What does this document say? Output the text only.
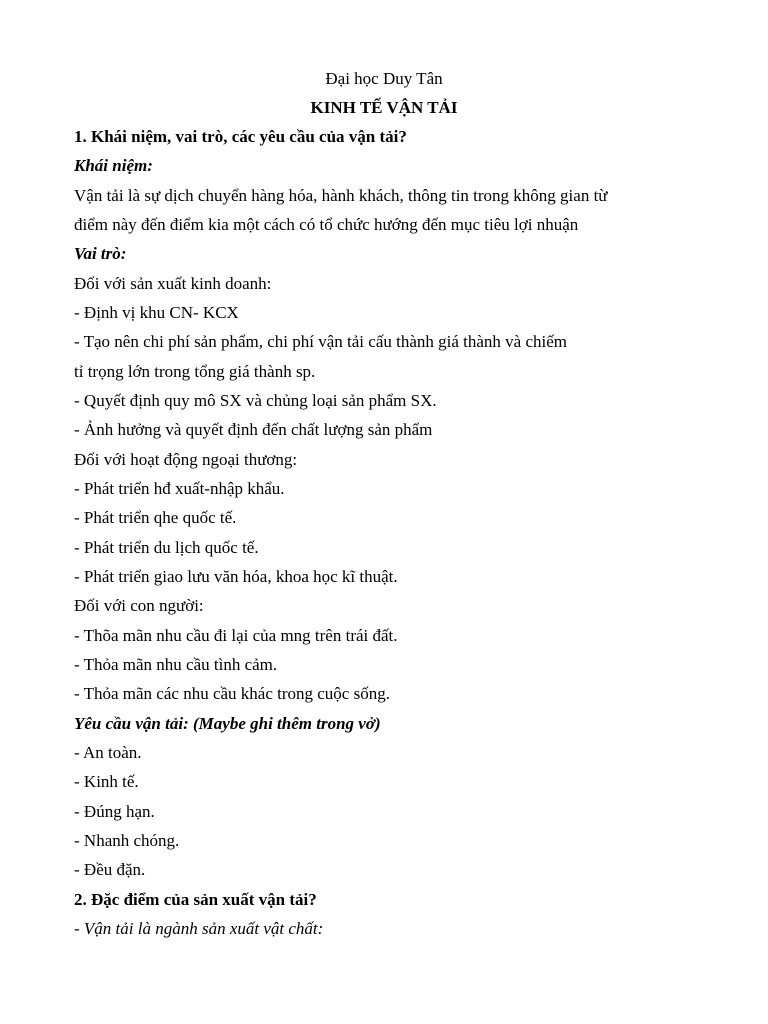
Đại học Duy Tân

KINH TẾ VẬN TẢI

1. Khái niệm, vai trò, các yêu cầu của vận tải?

Khái niệm:

Vận tải là sự dịch chuyển hàng hóa, hành khách, thông tin trong không gian từ

điểm này đến điểm kia một cách có tổ chức hướng đến mục tiêu lợi nhuận

Vai trò:

Đối với sản xuất kinh doanh:

- Định vị khu CN- KCX

- Tạo nên chi phí sản phẩm, chi phí vận tải cấu thành giá thành và chiếm

tỉ trọng lớn trong tổng giá thành sp.

- Quyết định quy mô SX và chủng loại sản phẩm SX.

- Ảnh hưởng và quyết định đến chất lượng sản phẩm

Đối với hoạt động ngoại thương:

- Phát triển hđ xuất-nhập khẩu.

- Phát triển qhe quốc tế.

- Phát triển du lịch quốc tế.

- Phát triển giao lưu văn hóa, khoa học kĩ thuật.

Đối với con người:

- Thõa mãn nhu cầu đi lại của mng trên trái đất.

- Thỏa mãn nhu cầu tình cảm.

- Thỏa mãn các nhu cầu khác trong cuộc sống.

Yêu cầu vận tải: (Maybe ghi thêm trong vở)

- An toàn.

- Kinh tế.

- Đúng hạn.

- Nhanh chóng.

- Đều đặn.

2. Đặc điểm của sản xuất vận tải?

- Vận tải là ngành sản xuất vật chất:
